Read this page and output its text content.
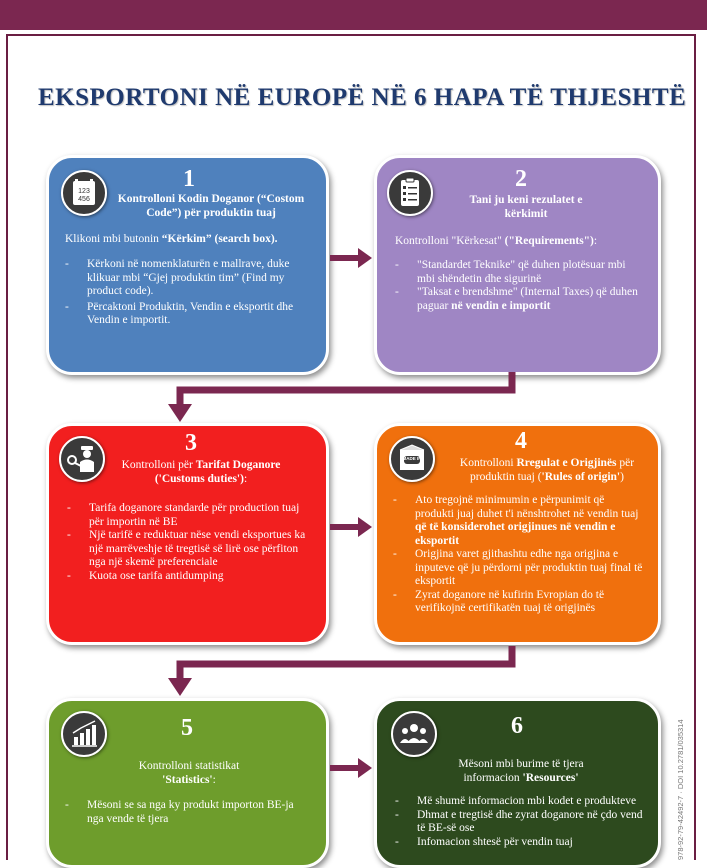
EKSPORTONI NË EUROPË NË 6 HAPA TË THJESHTË
123
456
1
Kontrolloni Kodin Doganor (“Costom Code”) për produktin tuaj
Klikoni mbi butonin “Kërkim” (search box).
- Kërkoni në nomenklaturën e mallrave, duke klikuar mbi “Gjej produktin tim” (Find my product code).
- Përcaktoni Produktin, Vendin e eksportit dhe Vendin e importit.
2
Tani ju keni rezulatet e kërkimit
Kontrolloni "Kërkesat" ("Requirements"):
- "Standardet Teknike" që duhen plotësuar mbi mbi shëndetin dhe sigurinë
- "Taksat e brendshme" (Internal Taxes) që duhen paguar në vendin e importit
3
Kontrolloni për Tarifat Doganore ('Customs duties'):
- Tarifa doganore standarde për production tuaj për importin në BE
- Një tarifë e reduktuar nëse vendi eksportues ka një marrëveshje të tregtisë së lirë ose përfiton nga një skemë preferenciale
- Kuota ose tarifa antidumping
MADE IN
4
Kontrolloni Rregulat e Origjinës për produktin tuaj ('Rules of origin')
- Ato tregojnë minimumin e përpunimit që produkti juaj duhet t'i nënshtrohet në vendin tuaj që të konsiderohet origjinues në vendin e eksportit
- Origjina varet gjithashtu edhe nga origjina e inputeve që ju përdorni për produktin tuaj final të eksportit
- Zyrat doganore në kufirin Evropian do të verifikojnë certifikatën tuaj të origjinës
5
Kontrolloni statistikat
'Statistics':
- Mësoni se sa nga ky produkt importon BE-ja nga vende të tjera
6
Mësoni mbi burime të tjera
informacion 'Resources'
- Më shumë informacion mbi kodet e produkteve
- Dhmat e tregtisë dhe zyrat doganore në çdo vend të BE-së ose
- Infomacion shtesë për vendin tuaj	978-92-79-42492-7 · DOI 10.2781/035314
